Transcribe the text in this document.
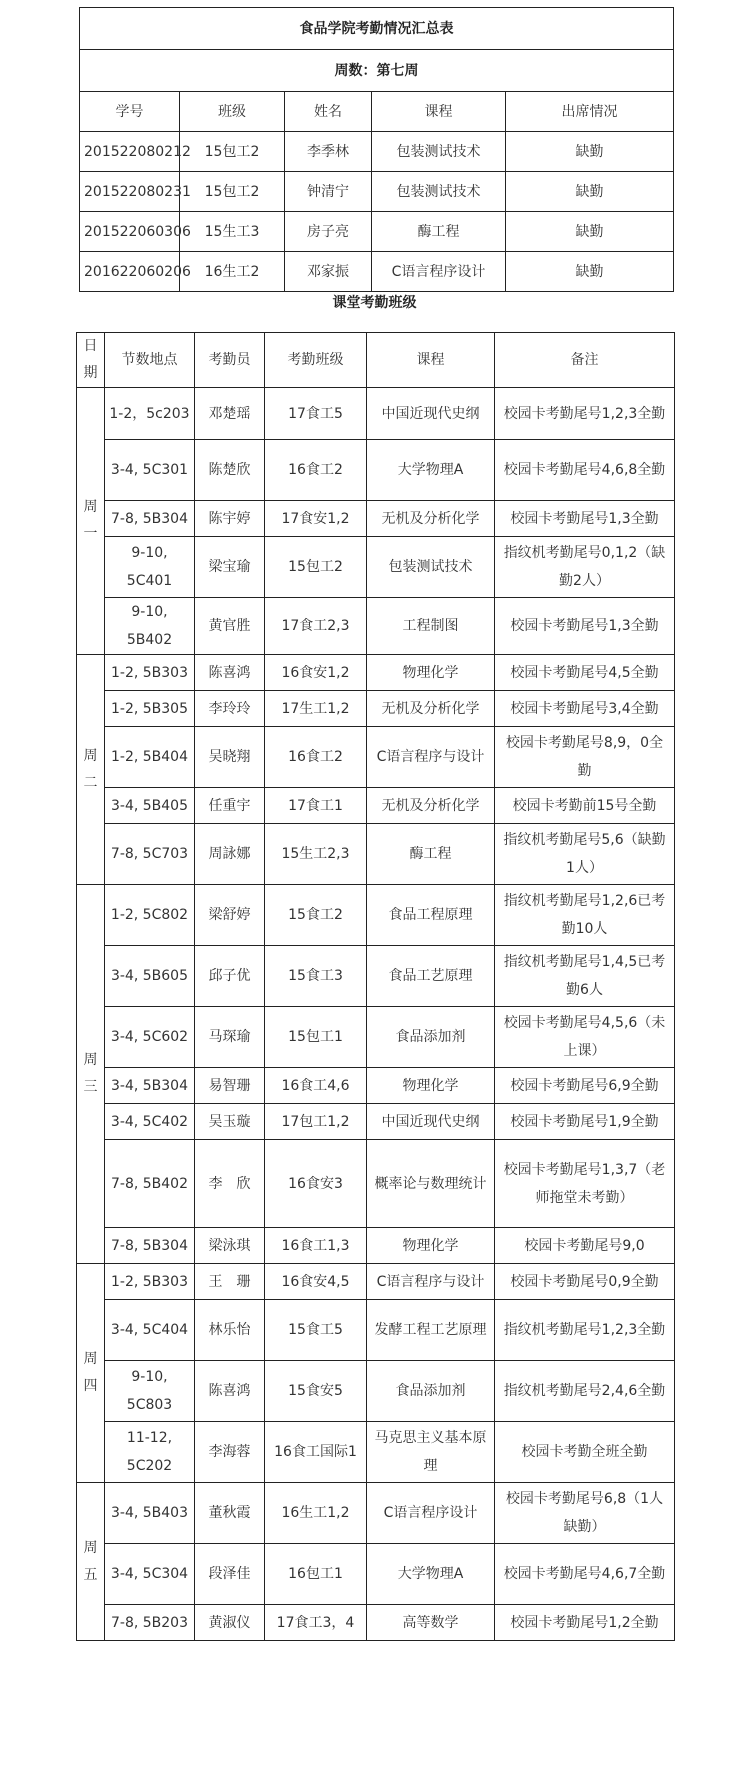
食品学院考勤情况汇总表				
周数：第七周				
学号	班级	姓名	课程	出席情况
201522080212	15包工2	李季林	包装测试技术	缺勤
201522080231	15包工2	钟清宁	包装测试技术	缺勤
201522060306	15生工3	房子亮	酶工程	缺勤
201622060206	16生工2	邓家振	C语言程序设计	缺勤
课堂考勤班级
日期	节数地点	考勤员	考勤班级	课程	备注
周一	1-2，5c203	邓楚瑶	17食工5	中国近现代史纲	校园卡考勤尾号1,2,3全勤
	3-4, 5C301	陈楚欣	16食工2	大学物理A	校园卡考勤尾号4,6,8全勤
	7-8, 5B304	陈宇婷	17食安1,2	无机及分析化学	校园卡考勤尾号1,3全勤
	9-10, 5C401	梁宝瑜	15包工2	包装测试技术	指纹机考勤尾号0,1,2（缺勤2人）
	9-10, 5B402	黄官胜	17食工2,3	工程制图	校园卡考勤尾号1,3全勤
周二	1-2, 5B303	陈喜鸿	16食安1,2	物理化学	校园卡考勤尾号4,5全勤
	1-2, 5B305	李玲玲	17生工1,2	无机及分析化学	校园卡考勤尾号3,4全勤
	1-2, 5B404	吴晓翔	16食工2	C语言程序与设计	校园卡考勤尾号8,9，0全勤
	3-4, 5B405	任重宇	17食工1	无机及分析化学	校园卡考勤前15号全勤
	7-8, 5C703	周詠娜	15生工2,3	酶工程	指纹机考勤尾号5,6（缺勤1人）
周三	1-2, 5C802	梁舒婷	15食工2	食品工程原理	指纹机考勤尾号1,2,6已考勤10人
	3-4, 5B605	邱子优	15食工3	食品工艺原理	指纹机考勤尾号1,4,5已考勤6人
	3-4, 5C602	马琛瑜	15包工1	食品添加剂	校园卡考勤尾号4,5,6（未上课）
	3-4, 5B304	易智珊	16食工4,6	物理化学	校园卡考勤尾号6,9全勤
	3-4, 5C402	吴玉璇	17包工1,2	中国近现代史纲	校园卡考勤尾号1,9全勤
	7-8, 5B402	李　欣	16食安3	概率论与数理统计	校园卡考勤尾号1,3,7（老师拖堂未考勤）
	7-8, 5B304	梁泳琪	16食工1,3	物理化学	校园卡考勤尾号9,0
周四	1-2, 5B303	王　珊	16食安4,5	C语言程序与设计	校园卡考勤尾号0,9全勤
	3-4, 5C404	林乐怡	15食工5	发酵工程工艺原理	指纹机考勤尾号1,2,3全勤
	9-10, 5C803	陈喜鸿	15食安5	食品添加剂	指纹机考勤尾号2,4,6全勤
	11-12, 5C202	李海蓉	16食工国际1	马克思主义基本原理	校园卡考勤全班全勤
周五	3-4, 5B403	董秋霞	16生工1,2	C语言程序设计	校园卡考勤尾号6,8（1人缺勤）
	3-4, 5C304	段泽佳	16包工1	大学物理A	校园卡考勤尾号4,6,7全勤
	7-8, 5B203	黄淑仪	17食工3，4	高等数学	校园卡考勤尾号1,2全勤
